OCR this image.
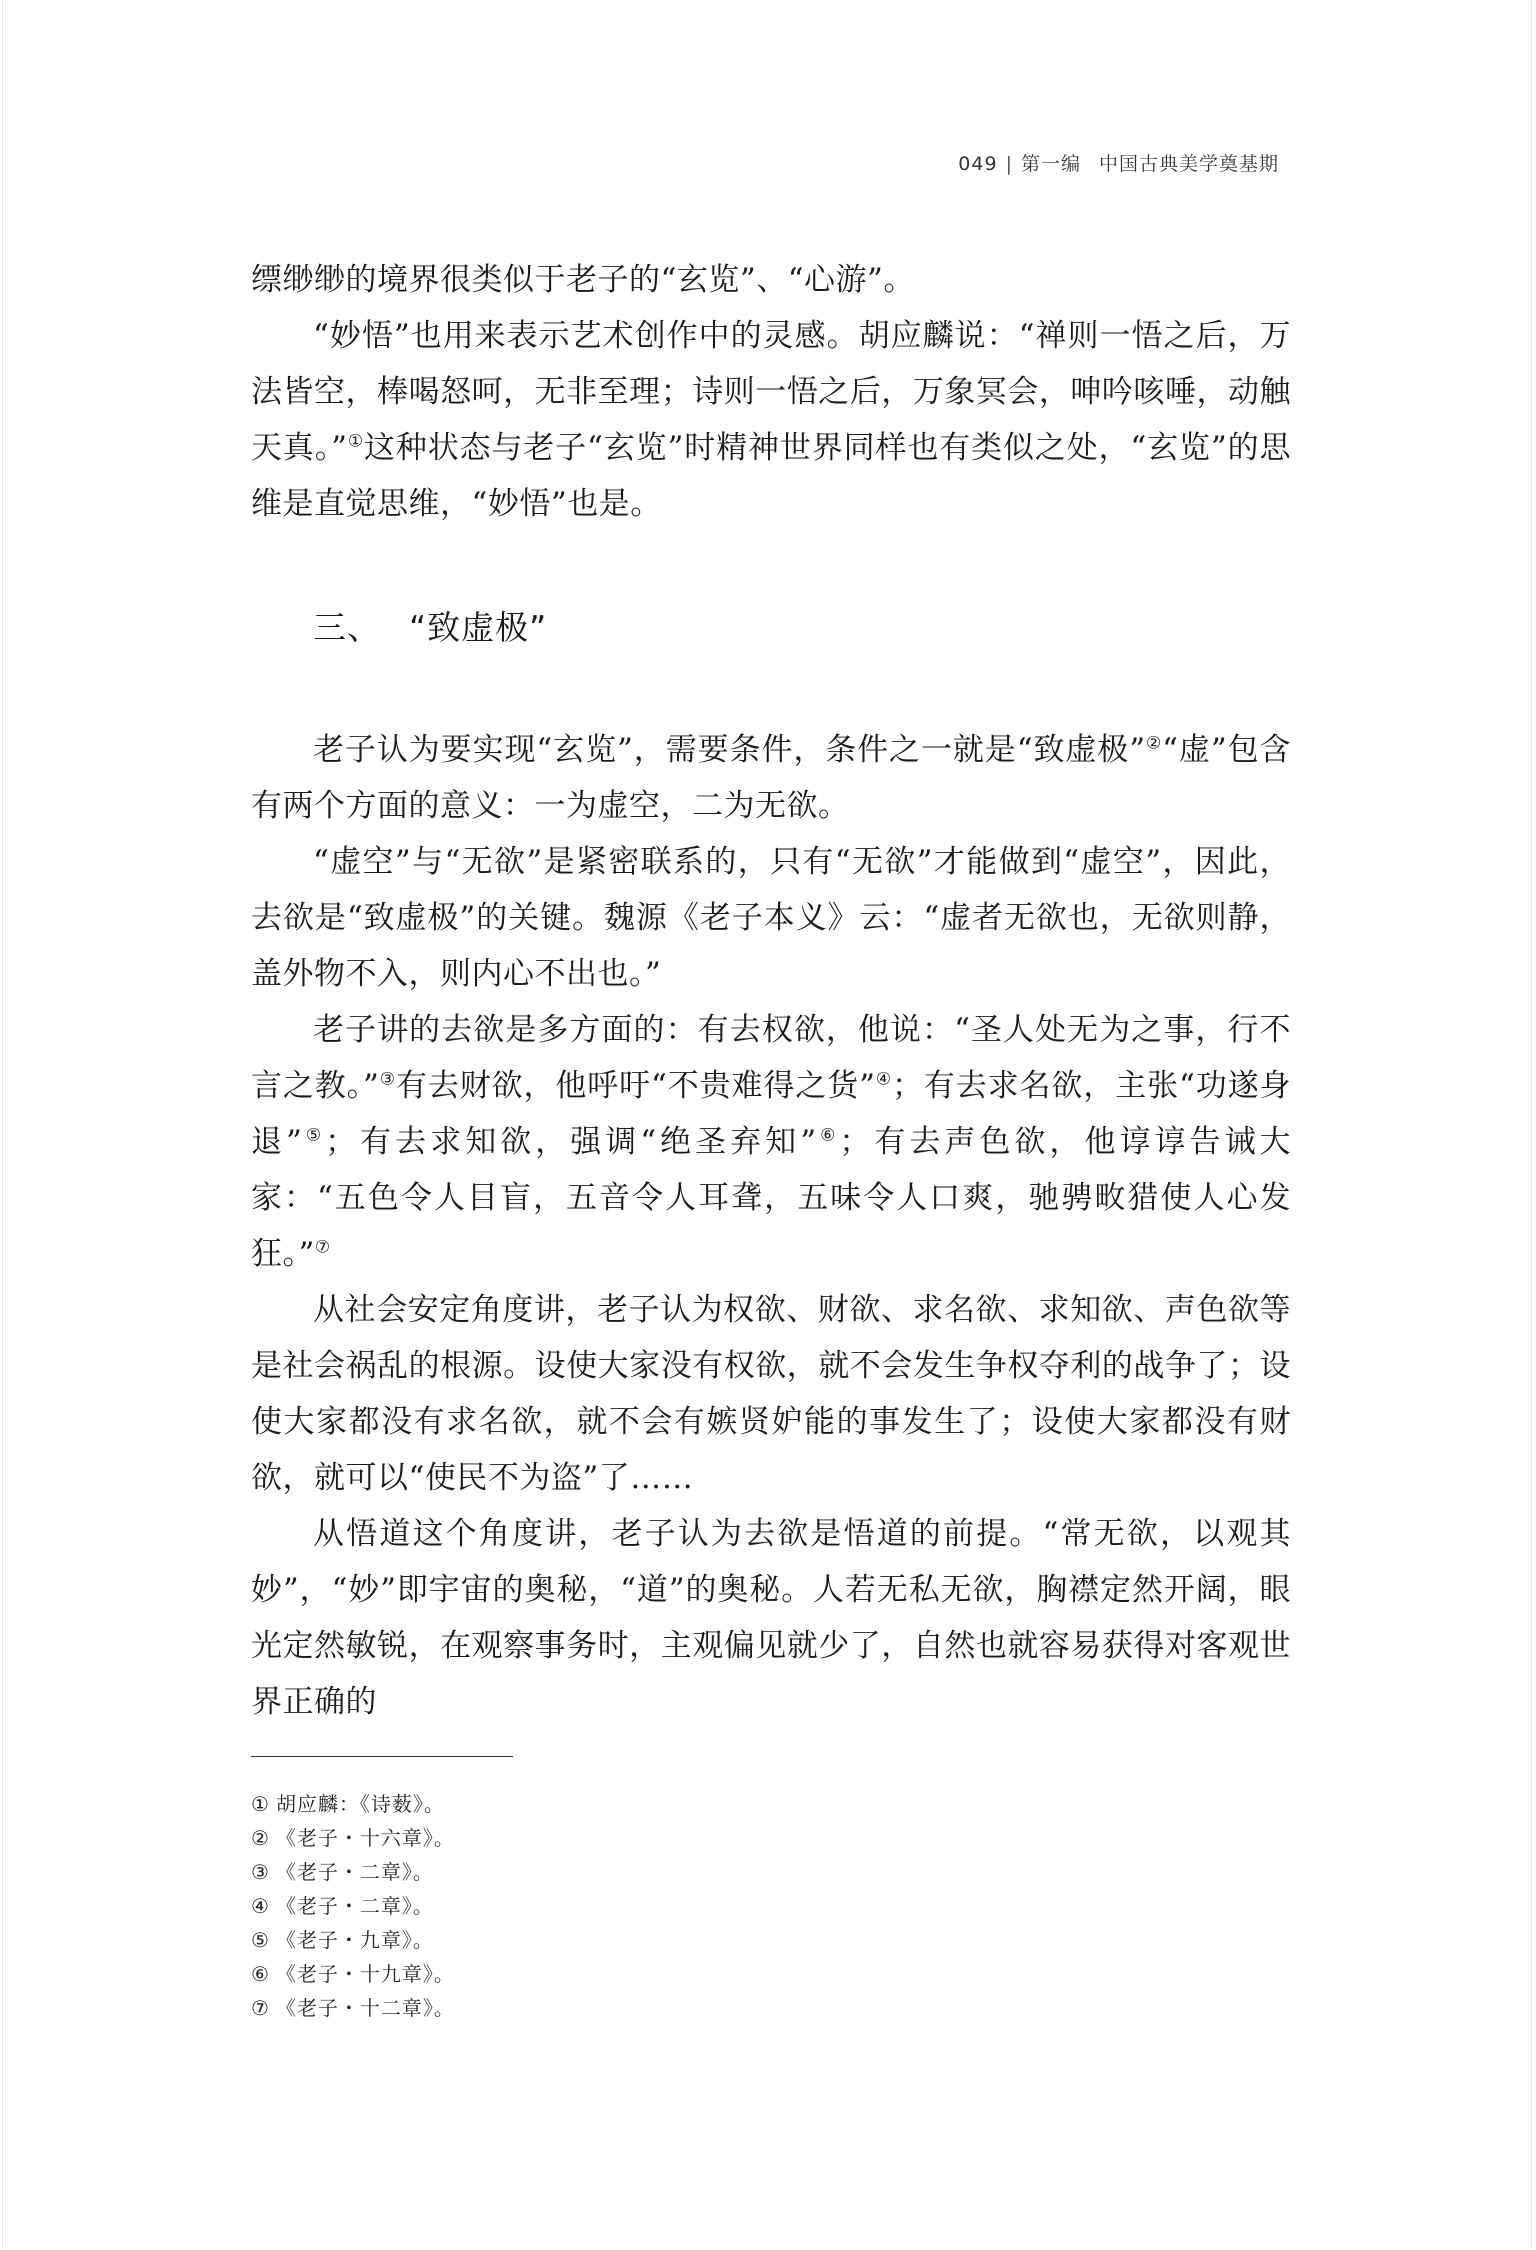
049 | 第一编 中国古典美学奠基期

缥缈缈的境界很类似于老子的“玄览”、“心游”。

“妙悟”也用来表示艺术创作中的灵感。胡应麟说：“禅则一悟之后，万法皆空，棒喝怒呵，无非至理；诗则一悟之后，万象冥会，呻吟咳唾，动触天真。”①这种状态与老子“玄览”时精神世界同样也有类似之处，“玄览”的思维是直觉思维，“妙悟”也是。

三、 “致虚极”

老子认为要实现“玄览”，需要条件，条件之一就是“致虚极”②“虚”包含有两个方面的意义：一为虚空，二为无欲。

“虚空”与“无欲”是紧密联系的，只有“无欲”才能做到“虚空”，因此，去欲是“致虚极”的关键。魏源《老子本义》云：“虚者无欲也，无欲则静，盖外物不入，则内心不出也。”

老子讲的去欲是多方面的：有去权欲，他说：“圣人处无为之事，行不言之教。”③有去财欲，他呼吁“不贵难得之货”④；有去求名欲，主张“功遂身退”⑤；有去求知欲，强调“绝圣弃知”⑥；有去声色欲，他谆谆告诫大家：“五色令人目盲，五音令人耳聋，五味令人口爽，驰骋畋猎使人心发狂。”⑦

从社会安定角度讲，老子认为权欲、财欲、求名欲、求知欲、声色欲等是社会祸乱的根源。设使大家没有权欲，就不会发生争权夺利的战争了；设使大家都没有求名欲，就不会有嫉贤妒能的事发生了；设使大家都没有财欲，就可以“使民不为盗”了……

从悟道这个角度讲，老子认为去欲是悟道的前提。“常无欲，以观其妙”，“妙”即宇宙的奥秘，“道”的奥秘。人若无私无欲，胸襟定然开阔，眼光定然敏锐，在观察事务时，主观偏见就少了，自然也就容易获得对客观世界正确的

① 胡应麟：《诗薮》。
② 《老子・十六章》。
③ 《老子・二章》。
④ 《老子・二章》。
⑤ 《老子・九章》。
⑥ 《老子・十九章》。
⑦ 《老子・十二章》。
